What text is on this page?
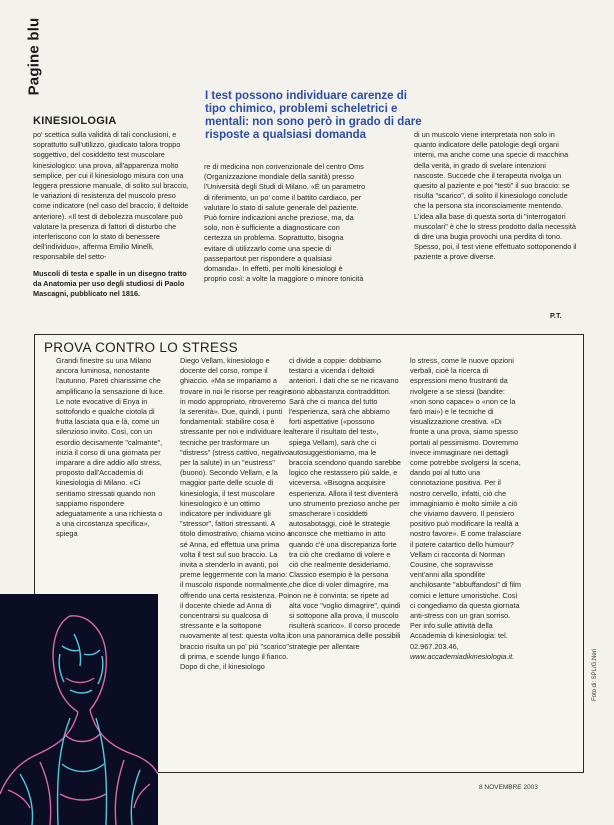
Pagine blu
KINESIOLOGIA
I test possono individuare carenze di tipo chimico, problemi scheletrici e mentali: non sono però in grado di dare risposte a qualsiasi domanda
po' scettica sulla validità di tali conclusioni, e soprattutto sull'utilizzo, giudicato talora troppo soggettivo, del cosiddetto test muscolare kinesiologico: una prova, all'apparenza molto semplice, per cui il kinesiologo misura con una leggera pressione manuale, di solito sul braccio, le variazioni di resistenza del muscolo preso come indicatore (nel caso del braccio, il deltoide anteriore). «Il test di debolezza muscolare può valutare la presenza di fattori di disturbo che interferiscono con lo stato di benessere dell'individuo», afferma Emilio Minelli, responsabile del setto-
Muscoli di testa e spalle in un disegno tratto da Anatomia per uso degli studiosi di Paolo Mascagni, pubblicato nel 1816.
re di medicina non convenzionale del centro Oms (Organizzazione mondiale della sanità) presso l'Università degli Studi di Milano. «È un parametro di riferimento, un po' come il battito cardiaco, per valutare lo stato di salute generale del paziente. Può fornire indicazioni anche preziose, ma, da solo, non è sufficiente a diagnosticare con certezza un problema. Soprattutto, bisogna evitare di utilizzarlo come una specie di passepartout per rispondere a qualsiasi domanda». In effetti, per molti kinesiologi è proprio così: a volte la maggiore o minore tonicità
di un muscolo viene interpretata non solo in quanto indicatore delle patologie degli organi interni, ma anche come una specie di macchina della verità, in grado di svelare intenzioni nascoste. Succede che il terapeuta rivolga un quesito al paziente e poi "testi" il suo braccio: se risulta "scarico", di solito il kinesiologo conclude che la persona sta inconsciamente mentendo. L'idea alla base di questa sorta di "interrogatori muscolari" è che lo stress prodotto dalla necessità di dire una bugia provochi una perdita di tono. Spesso, poi, il test viene effettuato sottoponendo il paziente a prove diverse.
P.T.
PROVA CONTRO LO STRESS
Grandi finestre su una Milano ancora luminosa, nonostante l'autunno. Pareti chiarissime che amplificano la sensazione di luce. Le note evocative di Enya in sottofondo e qualche ciotola di frutta lasciata qua e là, come un silenzioso invito. Così, con un esordio decisamente "calmante", inizia il corso di una giornata per imparare a dire addio allo stress, proposto dall'Accademia di kinesiologia di Milano. «Ci sentiamo stressati quando non sappiamo rispondere adeguatamente a una richiesta o a una circostanza specifica», spiega
Diego Vellam, kinesiologo e docente del corso, rompe il ghiaccio. «Ma se impariamo a trovare in noi le risorse per reagire in modo appropriato, ritroveremo la serenità». Due, quindi, i punti fondamentali: stabilire cosa è stressante per noi e individuare le tecniche per trasformare un "distress" (stress cattivo, negativo per la salute) in un "eustress" (buono). Secondo Vellam, e la maggior parte delle scuole di kinesiologia, il test muscolare kinesiologico è un ottimo indicatore per individuare gli "stressor", fattori stressanti. A titolo dimostrativo, chiama vicino a sé Anna, ed effettua una prima volta il test sul suo braccio. La invita a stenderlo in avanti, poi preme leggermente con la mano: il muscolo risponde normalmente, offrendo una certa resistenza. Poi il docente chiede ad Anna di concentrarsi su qualcosa di stressante e la sottopone nuovamente al test: questa volta il braccio risulta un po' più "scarico" di prima, e scende lungo il fianco. Dopo di che, il kinesiologo
ci divide a coppie: dobbiamo testarci a vicenda i deltoidi anteriori. I dati che se ne ricavano sono abbastanza contraddittori. Sarà che ci manca del tutto l'esperienza, sarà che abbiamo forti aspettative («possono alterare il risultato del test», spiega Vellam), sarà che ci autosuggestioniamo, ma le braccia scendono quando sarebbe logico che restassero più salde, e viceversa. «Bisogna acquisire esperienza. Allora il test diventerà uno strumento prezioso anche per smascherare i cosiddetti autosabotaggi, cioè le strategie inconsce che mettiamo in atto quando c'è una discrepanza forte tra ciò che crediamo di volere e ciò che realmente desideriamo. Classico esempio è la persona che dice di voler dimagrire, ma non ne è convinta: se ripete ad alta voce "voglio dimagrire", quindi si sottopone alla prova, il muscolo risulterà scarico». Il corso procede con una panoramica delle possibili strategie per allentare
lo stress, come le nuove opzioni verbali, cioè la ricerca di espressioni meno frustranti da rivolgere a se stessi (bandite: «non sono capace» o «non ce la farò mai») e le tecniche di visualizzazione creativa. «Di fronte a una prova, siamo spesso portati al pessimismo. Dovremmo invece immaginare nei dettagli come potrebbe svolgersi la scena, dando poi al tutto una connotazione positiva. Per il nostro cervello, infatti, ciò che immaginiamo è molto simile a ciò che viviamo davvero. Il pensiero positivo può modificare la realtà a nostro favore». E come tralasciare il potere catartico dello humour? Vellam ci racconta di Norman Cousine, che sopravvisse vent'anni alla spondilite anchilosante "abbuffandosi" di film comici e letture umoristiche. Così ci congediamo da questa giornata anti-stress con un gran sorriso. Per info sulle attività della Accademia di kinesiologia: tel. 02.967.203.46, www.accademiadikinesiologia.it.	Foto di: SPL/G.Neri
8 NOVEMBRE 2003
